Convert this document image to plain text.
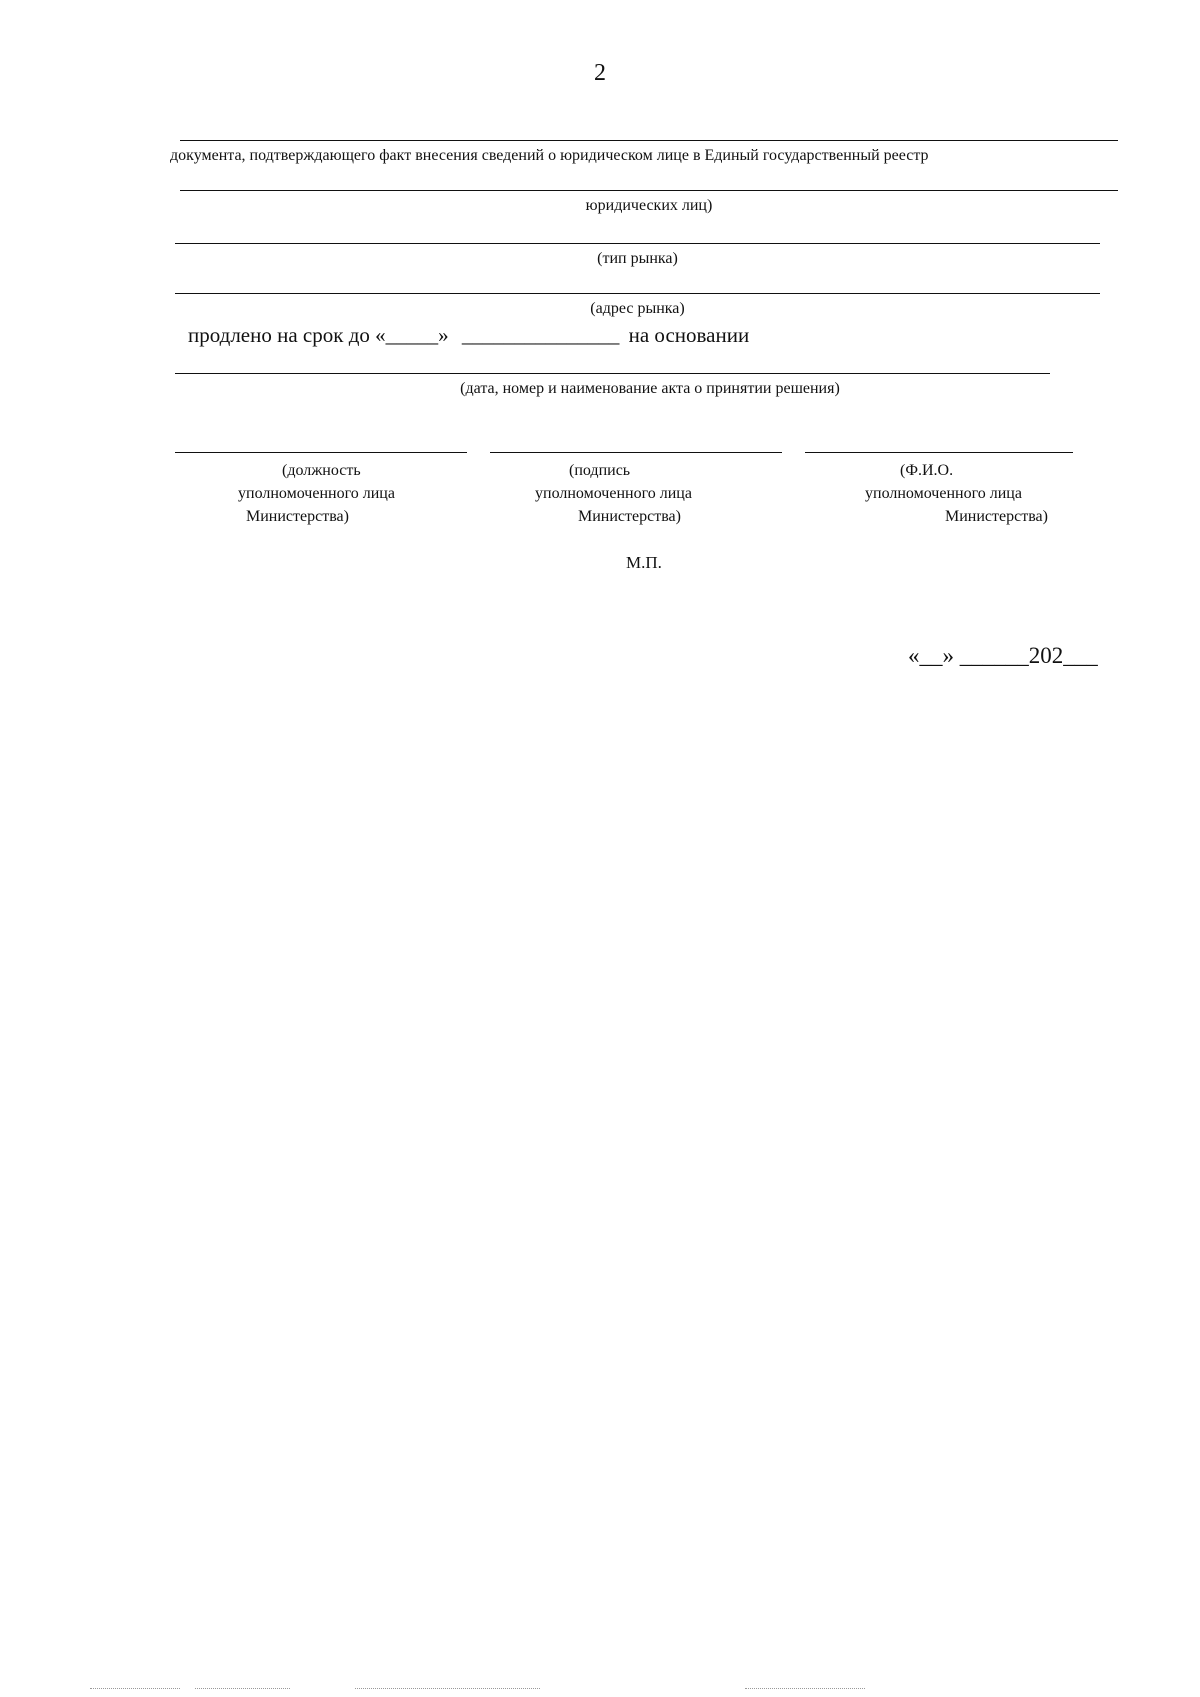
2
документа, подтверждающего факт внесения сведений о юридическом лице в Единый государственный реестр
юридических лиц)
(тип рынка)
(адрес рынка)
продлено на срок до «_____» _______________ на основании
(дата, номер и наименование акта о принятии решения)
(должность
уполномоченного лица
Министерства)
(подпись
уполномоченного лица
Министерства)
(Ф.И.О.
уполномоченного лица
Министерства)
М.П.
«__» ______202___
